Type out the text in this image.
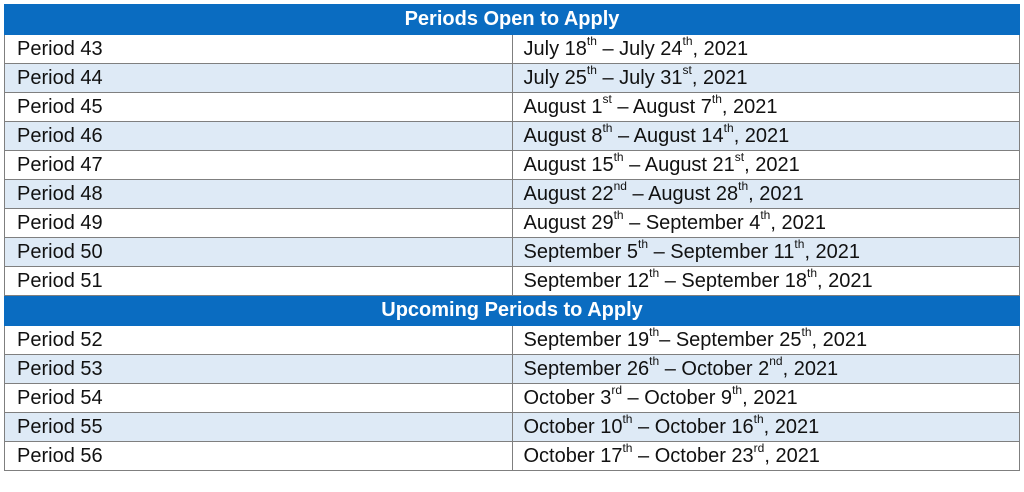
Periods Open to Apply	
Period 43	July 18th – July 24th, 2021
Period 44	July 25th – July 31st, 2021
Period 45	August 1st – August 7th, 2021
Period 46	August 8th – August 14th, 2021
Period 47	August 15th – August 21st, 2021
Period 48	August 22nd – August 28th, 2021
Period 49	August 29th – September 4th, 2021
Period 50	September 5th – September 11th, 2021
Period 51	September 12th – September 18th, 2021
Upcoming Periods to Apply	
Period 52	September 19th– September 25th, 2021
Period 53	September 26th – October 2nd, 2021
Period 54	October 3rd – October 9th, 2021
Period 55	October 10th – October 16th, 2021
Period 56	October 17th – October 23rd, 2021
